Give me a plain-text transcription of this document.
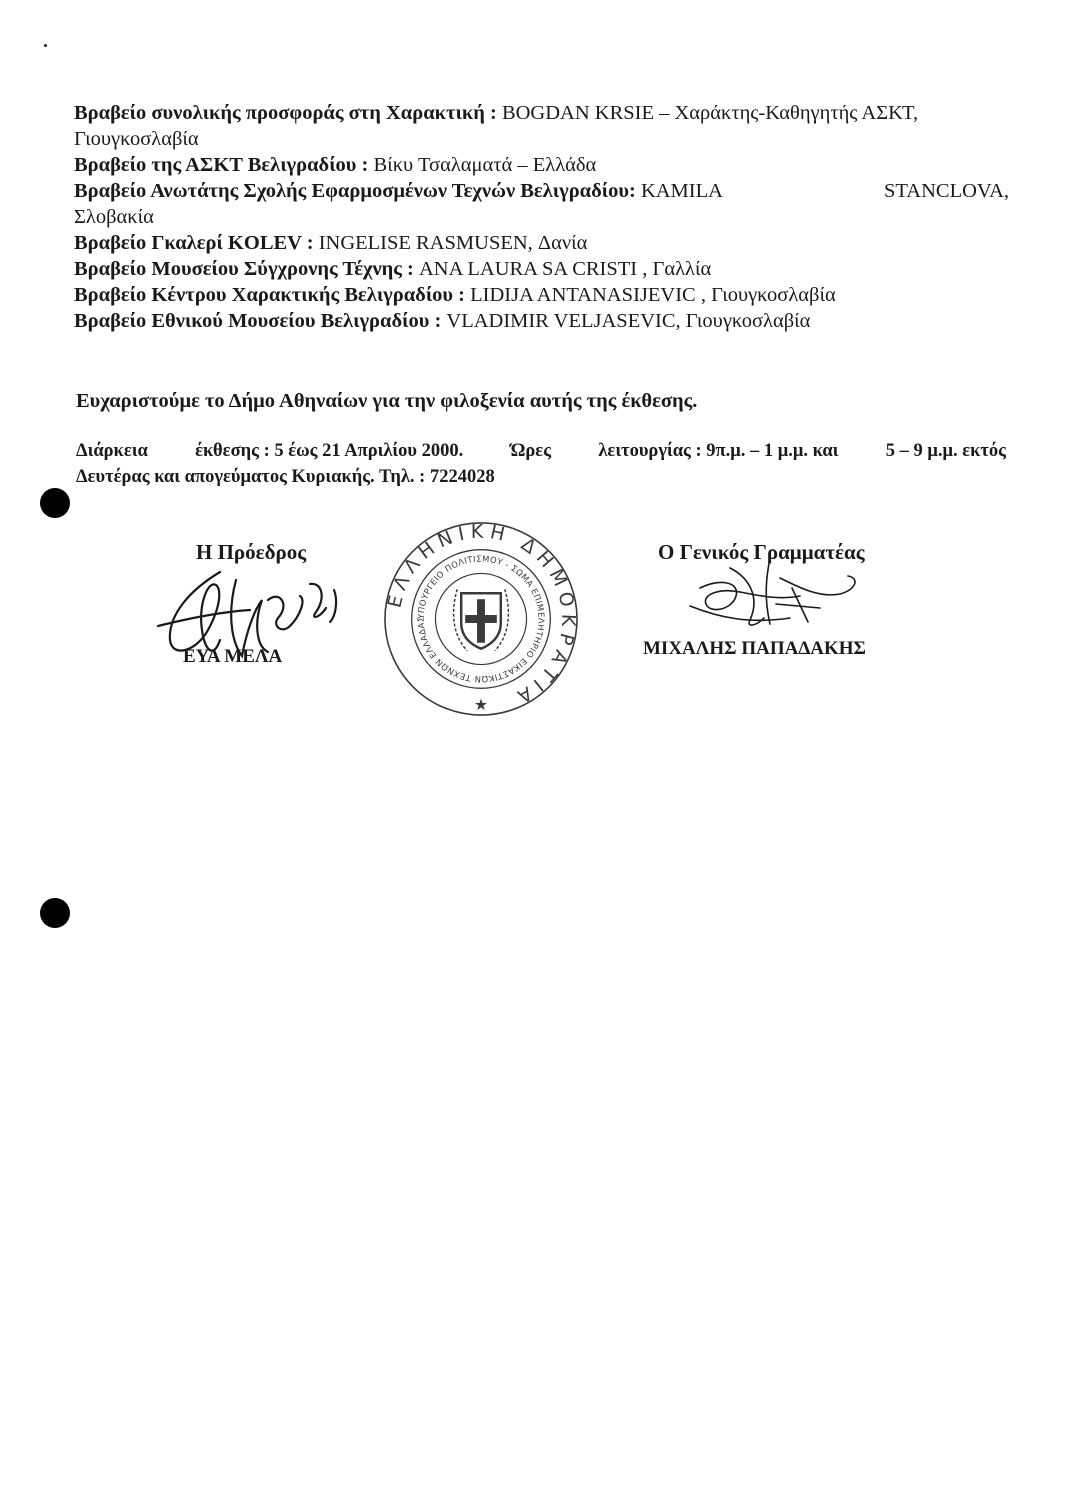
Βραβείο συνολικής προσφοράς στη Χαρακτική : BOGDAN KRSIE – Χαράκτης-Καθηγητής ΑΣΚΤ,
Γιουγκοσλαβία
Βραβείο της ΑΣΚΤ Βελιγραδίου : Βίκυ Τσαλαματά – Ελλάδα
Βραβείο Ανωτάτης Σχολής Εφαρμοσμένων Τεχνών Βελιγραδίου: KAMILA	STANCLOVA,
Σλοβακία
Βραβείο Γκαλερί KOLEV : INGELISE RASMUSEN, Δανία
Βραβείο Μουσείου Σύγχρονης Τέχνης : ANA LAURA SA CRISTI , Γαλλία
Βραβείο Κέντρου Χαρακτικής Βελιγραδίου : LIDIJA ANTANASIJEVIC , Γιουγκοσλαβία
Βραβείο Εθνικού Μουσείου Βελιγραδίου : VLADIMIR VELJASEVIC, Γιουγκοσλαβία
Ευχαριστούμε το Δήμο Αθηναίων για την φιλοξενία αυτής της έκθεσης.
Διάρκεια	έκθεσης : 5 έως 21 Απριλίου 2000.	Ώρες	λειτουργίας : 9π.μ. – 1 μ.μ. και	5 – 9 μ.μ. εκτός
Δευτέρας και απογεύματος Κυριακής. Τηλ. : 7224028
Η Πρόεδρος
ΕΥΑ ΜΕΛΑ
ΕΛΛΗΝΙΚΗ ΔΗΜΟΚΡΑΤΙΑ
ΥΠΟΥΡΓΕΙΟ ΠΟΛΙΤΙΣΜΟΥ - ΣΩΜΑ ΕΠΙΜΕΛΗΤΗΡΙΟ ΕΙΚΑΣΤΙΚΩΝ ΤΕΧΝΩΝ ΕΛΛΑΔΑΣ
★
Ο Γενικός Γραμματέας
ΜΙΧΑΛΗΣ ΠΑΠΑΔΑΚΗΣ
